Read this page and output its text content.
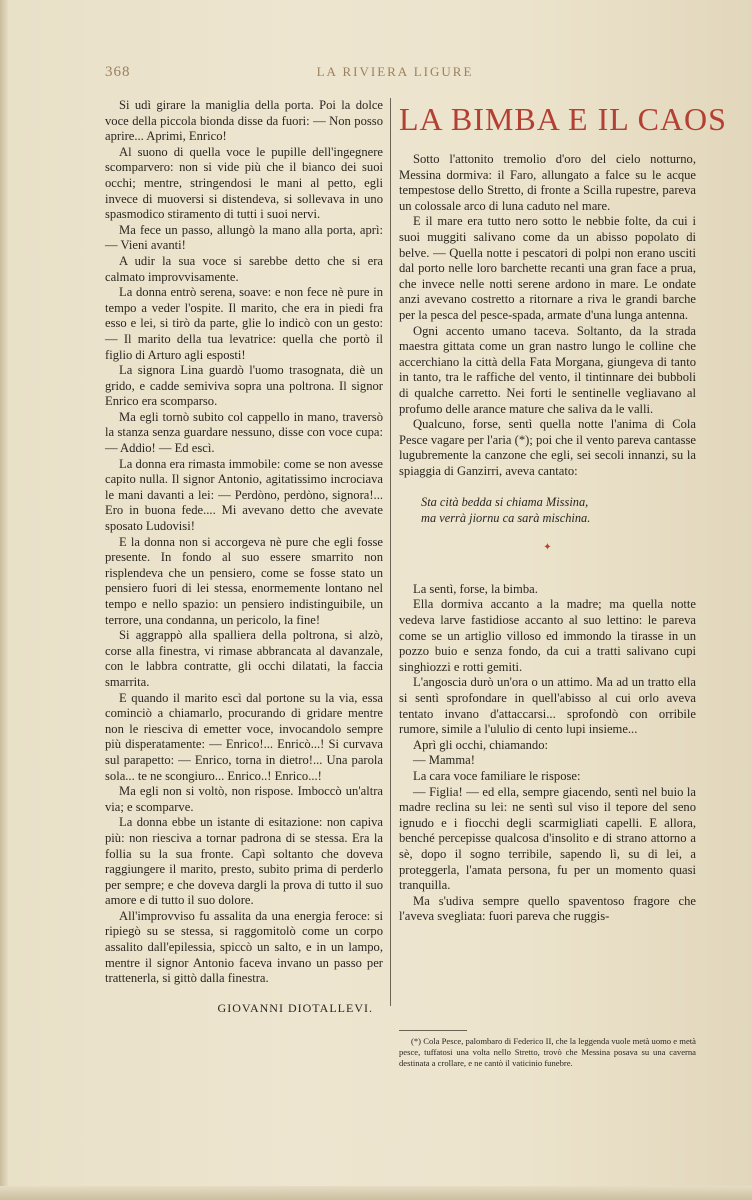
368	LA RIVIERA LIGURE

Si udì girare la maniglia della porta. Poi la dolce voce della piccola bionda disse da fuori: — Non posso aprire... Aprimi, Enrico!

Al suono di quella voce le pupille dell'ingegnere scomparvero: non si vide più che il bianco dei suoi occhi; mentre, stringendosi le mani al petto, egli invece di muoversi si distendeva, si sollevava in uno spasmodico stiramento di tutti i suoi nervi.

Ma fece un passo, allungò la mano alla porta, aprì: — Vieni avanti!

A udir la sua voce si sarebbe detto che si era calmato improvvisamente.

La donna entrò serena, soave: e non fece nè pure in tempo a veder l'ospite. Il marito, che era in piedi fra esso e lei, si tirò da parte, glie lo indicò con un gesto: — Il marito della tua levatrice: quella che portò il figlio di Arturo agli esposti!

La signora Lina guardò l'uomo trasognata, diè un grido, e cadde semiviva sopra una poltrona. Il signor Enrico era scomparso.

Ma egli tornò subito col cappello in mano, traversò la stanza senza guardare nessuno, disse con voce cupa: — Addio! — Ed escì.

La donna era rimasta immobile: come se non avesse capito nulla. Il signor Antonio, agitatissimo incrociava le mani davanti a lei: — Perdòno, perdòno, signora!... Ero in buona fede.... Mi avevano detto che avevate sposato Ludovisi!

E la donna non si accorgeva nè pure che egli fosse presente. In fondo al suo essere smarrito non risplendeva che un pensiero, come se fosse stato un pensiero fuori di lei stessa, enormemente lontano nel tempo e nello spazio: un pensiero indistinguibile, un terrore, una condanna, un pericolo, la fine!

Si aggrappò alla spalliera della poltrona, si alzò, corse alla finestra, vi rimase abbrancata al davanzale, con le labbra contratte, gli occhi dilatati, la faccia smarrita.

E quando il marito escì dal portone su la via, essa cominciò a chiamarlo, procurando di gridare mentre non le riesciva di emetter voce, invocandolo sempre più disperatamente: — Enrico!... Enricò...! Si curvava sul parapetto: — Enrico, torna in dietro!... Una parola sola... te ne scongiuro... Enrico..! Enrico...!

Ma egli non si voltò, non rispose. Imboccò un'altra via; e scomparve.

La donna ebbe un istante di esitazione: non capiva più: non riesciva a tornar padrona di se stessa. Era la follia su la sua fronte. Capì soltanto che doveva raggiungere il marito, presto, subito prima di perderlo per sempre; e che doveva dargli la prova di tutto il suo amore e di tutto il suo dolore.

All'improvviso fu assalita da una energia feroce: si ripiegò su se stessa, si raggomitolò come un corpo assalito dall'epilessia, spiccò un salto, e in un lampo, mentre il signor Antonio faceva invano un passo per trattenerla, si gittò dalla finestra.

GIOVANNI DIOTALLEVI.
LA BIMBA E IL CAOS

Sotto l'attonito tremolio d'oro del cielo notturno, Messina dormiva: il Faro, allungato a falce su le acque tempestose dello Stretto, di fronte a Scilla rupestre, pareva un colossale arco di luna caduto nel mare.

E il mare era tutto nero sotto le nebbie folte, da cui i suoi muggiti salivano come da un abisso popolato di belve. — Quella notte i pescatori di polpi non erano usciti dal porto nelle loro barchette recanti una gran face a prua, che invece nelle notti serene ardono in mare. Le ondate anzi avevano costretto a ritornare a riva le grandi barche per la pesca del pesce-spada, armate d'una lunga antenna.

Ogni accento umano taceva. Soltanto, da la strada maestra gittata come un gran nastro lungo le colline che accerchiano la città della Fata Morgana, giungeva di tanto in tanto, tra le raffiche del vento, il tintinnare dei bubboli di qualche carretto. Nei forti le sentinelle vegliavano al profumo delle arance mature che saliva da le valli.

Qualcuno, forse, sentì quella notte l'anima di Cola Pesce vagare per l'aria (*); poi che il vento pareva cantasse lugubremente la canzone che egli, sei secoli innanzi, su la spiaggia di Ganzirri, aveva cantato:

Sta cità bedda si chiama Missina,
ma verrà jiornu ca sarà mischina.
✦

La sentì, forse, la bimba.

Ella dormiva accanto a la madre; ma quella notte vedeva larve fastidiose accanto al suo lettino: le pareva come se un artiglio villoso ed immondo la tirasse in un pozzo buio e senza fondo, da cui a tratti salivano cupi singhiozzi e rotti gemiti.

L'angoscia durò un'ora o un attimo. Ma ad un tratto ella si sentì sprofondare in quell'abisso al cui orlo aveva tentato invano d'attaccarsi... sprofondò con orribile rumore, simile a l'ululio di cento lupi insieme...

Aprì gli occhi, chiamando:

— Mamma!

La cara voce familiare le rispose:

— Figlia! — ed ella, sempre giacendo, sentì nel buio la madre reclina su lei: ne sentì sul viso il tepore del seno ignudo e i fiocchi degli scarmigliati capelli. E allora, benché percepisse qualcosa d'insolito e di strano attorno a sè, dopo il sogno terribile, sapendo lì, su di lei, a proteggerla, l'amata persona, fu per un momento quasi tranquilla.

Ma s'udiva sempre quello spaventoso fragore che l'aveva svegliata: fuori pareva che ruggis-

(*) Cola Pesce, palombaro di Federico II, che la leggenda vuole metà uomo e metà pesce, tuffatosi una volta nello Stretto, trovò che Messina posava su una caverna destinata a crollare, e ne cantò il vaticinio funebre.
